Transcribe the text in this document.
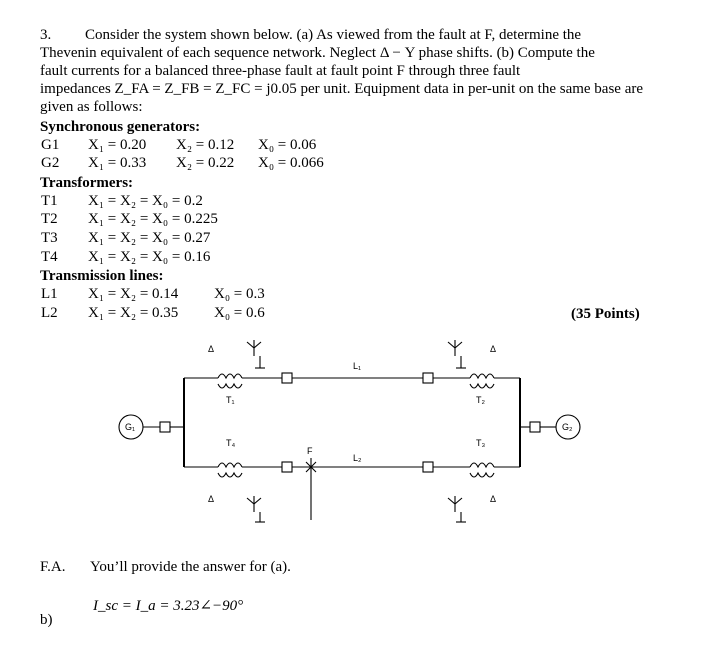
3. Consider the system shown below. (a) As viewed from the fault at F, determine the

Thevenin equivalent of each sequence network. Neglect Δ − Y phase shifts. (b) Compute the

fault currents for a balanced three-phase fault at fault point F through three fault

impedances Z_FA = Z_FB = Z_FC = j0.05 per unit. Equipment data in per-unit on the same base are

given as follows:

Synchronous generators:
G1 X₁ = 0.20 X₂ = 0.12 X₀ = 0.06
G2 X₁ = 0.33 X₂ = 0.22 X₀ = 0.066
Transformers:
T1 X₁ = X₂ = X₀ = 0.2
T2 X₁ = X₂ = X₀ = 0.225
T3 X₁ = X₂ = X₀ = 0.27
T4 X₁ = X₂ = X₀ = 0.16
Transmission lines:
L1 X₁ = X₂ = 0.14 X₀ = 0.3
L2 X₁ = X₂ = 0.35 X₀ = 0.6	(35 Points)
G₁	G₂
T₁	T₂
T₃
T₄
L₁
L₂
F
Δ	Δ
Δ	Δ
F.A. You’ll provide the answer for (a).
b)
I_sc = I_a = 3.23∠−90°
